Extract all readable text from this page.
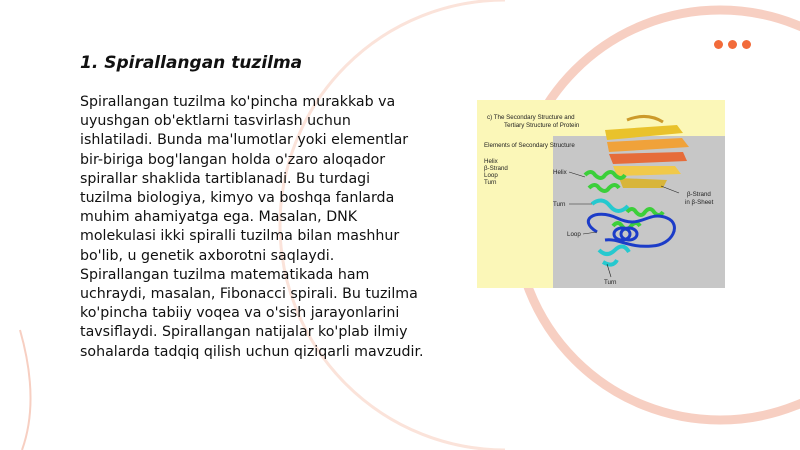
1. Spirallangan tuzilma

Spirallangan tuzilma ko'pincha murakkab va uyushgan ob'ektlarni tasvirlash uchun ishlatiladi. Bunda ma'lumotlar yoki elementlar bir-biriga bog'langan holda o'zaro aloqador spirallar shaklida tartiblanadi. Bu turdagi tuzilma biologiya, kimyo va boshqa fanlarda muhim ahamiyatga ega. Masalan, DNK molekulasi ikki spiralli tuzilma bilan mashhur bo'lib, u genetik axborotni saqlaydi. Spirallangan tuzilma matematikada ham uchraydi, masalan, Fibonacci spirali. Bu tuzilma ko'pincha tabiiy voqea va o'sish jarayonlarini tavsiflaydi. Spirallangan natijalar ko'plab ilmiy sohalarda tadqiq qilish uchun qiziqarli mavzudir.

c) The Secondary Structure and
Tertiary Structure of Protein
Elements of Secondary Structure
Helix
β-Strand
Loop
Turn
Helix
Turn
Loop
Turn
β-Strand
in β-Sheet
